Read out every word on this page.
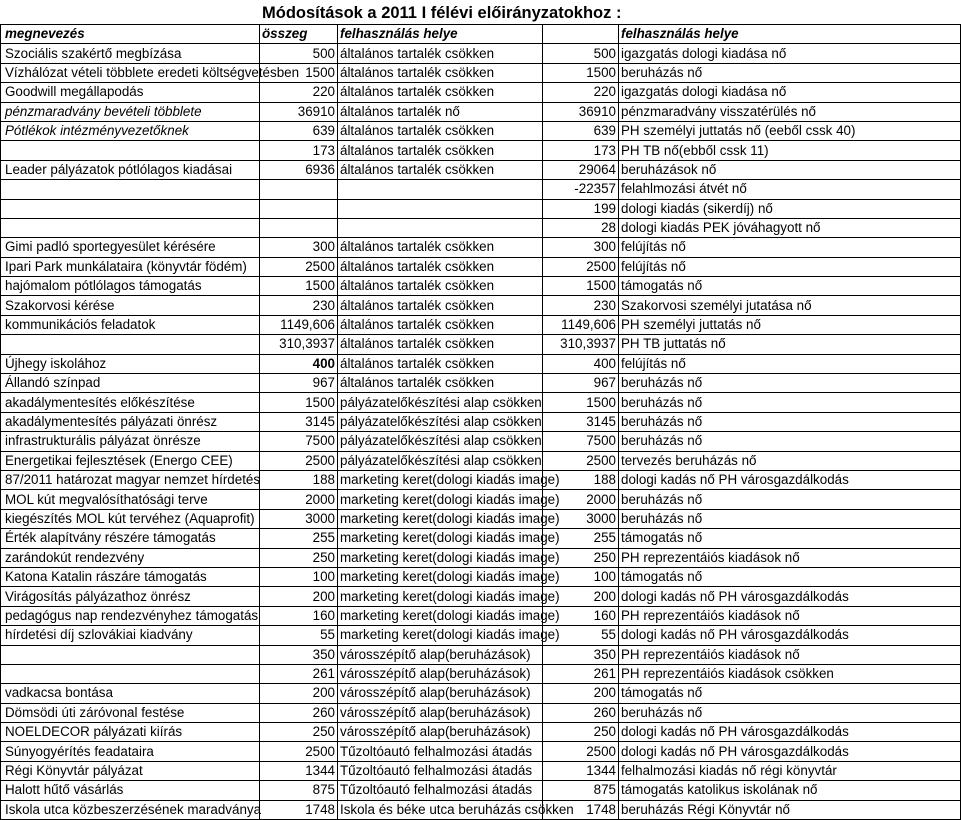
Módosítások a 2011 I félévi előirányzatokhoz :
megnevezés	összeg	felhasználás helye		felhasználás helye
Szociális szakértő megbízása	500	általános tartalék csökken	500	igazgatás dologi kiadása nő
Vízhálózat vételi többlete eredeti költségvetésben	1500	általános tartalék csökken	1500	beruházás nő
Goodwill megállapodás	220	általános tartalék csökken	220	igazgatás dologi kiadása nő
pénzmaradvány bevételi többlete	36910	általános tartalék nő	36910	pénzmaradvány visszatérülés nő
Pótlékok intézményvezetőknek	639	általános tartalék csökken	639	PH személyi juttatás nő (eeből cssk 40)
	173	általános tartalék csökken	173	PH TB nő(ebből cssk 11)
Leader pályázatok pótlólagos kiadásai	6936	általános tartalék csökken	29064	beruházások nő
			-22357	felahlmozási átvét nő
			199	dologi kiadás (sikerdíj) nő
			28	dologi kiadás PEK jóváhagyott nő
Gimi padló sportegyesület kérésére	300	általános tartalék csökken	300	felújítás nő
Ipari Park munkálataira (könyvtár födém)	2500	általános tartalék csökken	2500	felújítás nő
hajómalom pótlólagos támogatás	1500	általános tartalék csökken	1500	támogatás nő
Szakorvosi kérése	230	általános tartalék csökken	230	Szakorvosi személyi jutatása nő
kommunikációs feladatok	1149,606	általános tartalék csökken	1149,606	PH személyi juttatás nő
	310,3937	általános tartalék csökken	310,3937	PH TB juttatás nő
Újhegy iskolához	400	általános tartalék csökken	400	felújítás nő
Állandó színpad	967	általános tartalék csökken	967	beruházás nő
akadálymentesítés előkészítése	1500	pályázatelőkészítési alap csökken	1500	beruházás nő
akadálymentesítés pályázati önrész	3145	pályázatelőkészítési alap csökken	3145	beruházás nő
infrastrukturális pályázat önrésze	7500	pályázatelőkészítési alap csökken	7500	beruházás nő
Energetikai fejlesztések (Energo CEE)	2500	pályázatelőkészítési alap csökken	2500	tervezés beruházás nő
87/2011 határozat magyar nemzet hírdetés	188	marketing keret(dologi kiadás image)	188	dologi kadás nő PH városgazdálkodás
MOL kút megvalósíthatósági terve	2000	marketing keret(dologi kiadás image)	2000	beruházás nő
kiegészítés MOL kút tervéhez (Aquaprofit)	3000	marketing keret(dologi kiadás image)	3000	beruházás nő
Érték alapítvány részére támogatás	255	marketing keret(dologi kiadás image)	255	támogatás nő
zarándokút rendezvény	250	marketing keret(dologi kiadás image)	250	PH reprezentáiós kiadások nő
Katona Katalin rászáre támogatás	100	marketing keret(dologi kiadás image)	100	támogatás nő
Virágosítás pályázathoz önrész	200	marketing keret(dologi kiadás image)	200	dologi kadás nő PH városgazdálkodás
pedagógus nap rendezvényhez támogatás	160	marketing keret(dologi kiadás image)	160	PH reprezentáiós kiadások nő
hírdetési díj szlovákiai kiadvány	55	marketing keret(dologi kiadás image)	55	dologi kadás nő PH városgazdálkodás
	350	városszépítő alap(beruházások)	350	PH reprezentáiós kiadások nő
	261	városszépítő alap(beruházások)	261	PH reprezentáiós kiadások csökken
vadkacsa bontása	200	városszépítő alap(beruházások)	200	támogatás nő
Dömsödi úti záróvonal festése	260	városszépítő alap(beruházások)	260	beruházás nő
NOELDECOR pályázati kiírás	250	városszépítő alap(beruházások)	250	dologi kadás nő PH városgazdálkodás
Súnyogyérítés feadataira	2500	Tűzoltóautó felhalmozási átadás	2500	dologi kadás nő PH városgazdálkodás
Régi Könyvtár pályázat	1344	Tűzoltóautó felhalmozási átadás	1344	felhalmozási kiadás nő régi könyvtár
Halott hűtő vásárlás	875	Tűzoltóautó felhalmozási átadás	875	támogatás katolikus iskolának nő
Iskola utca közbeszerzésének maradványa	1748	Iskola és béke utca beruházás csökken	1748	beruházás Régi Könyvtár nő
